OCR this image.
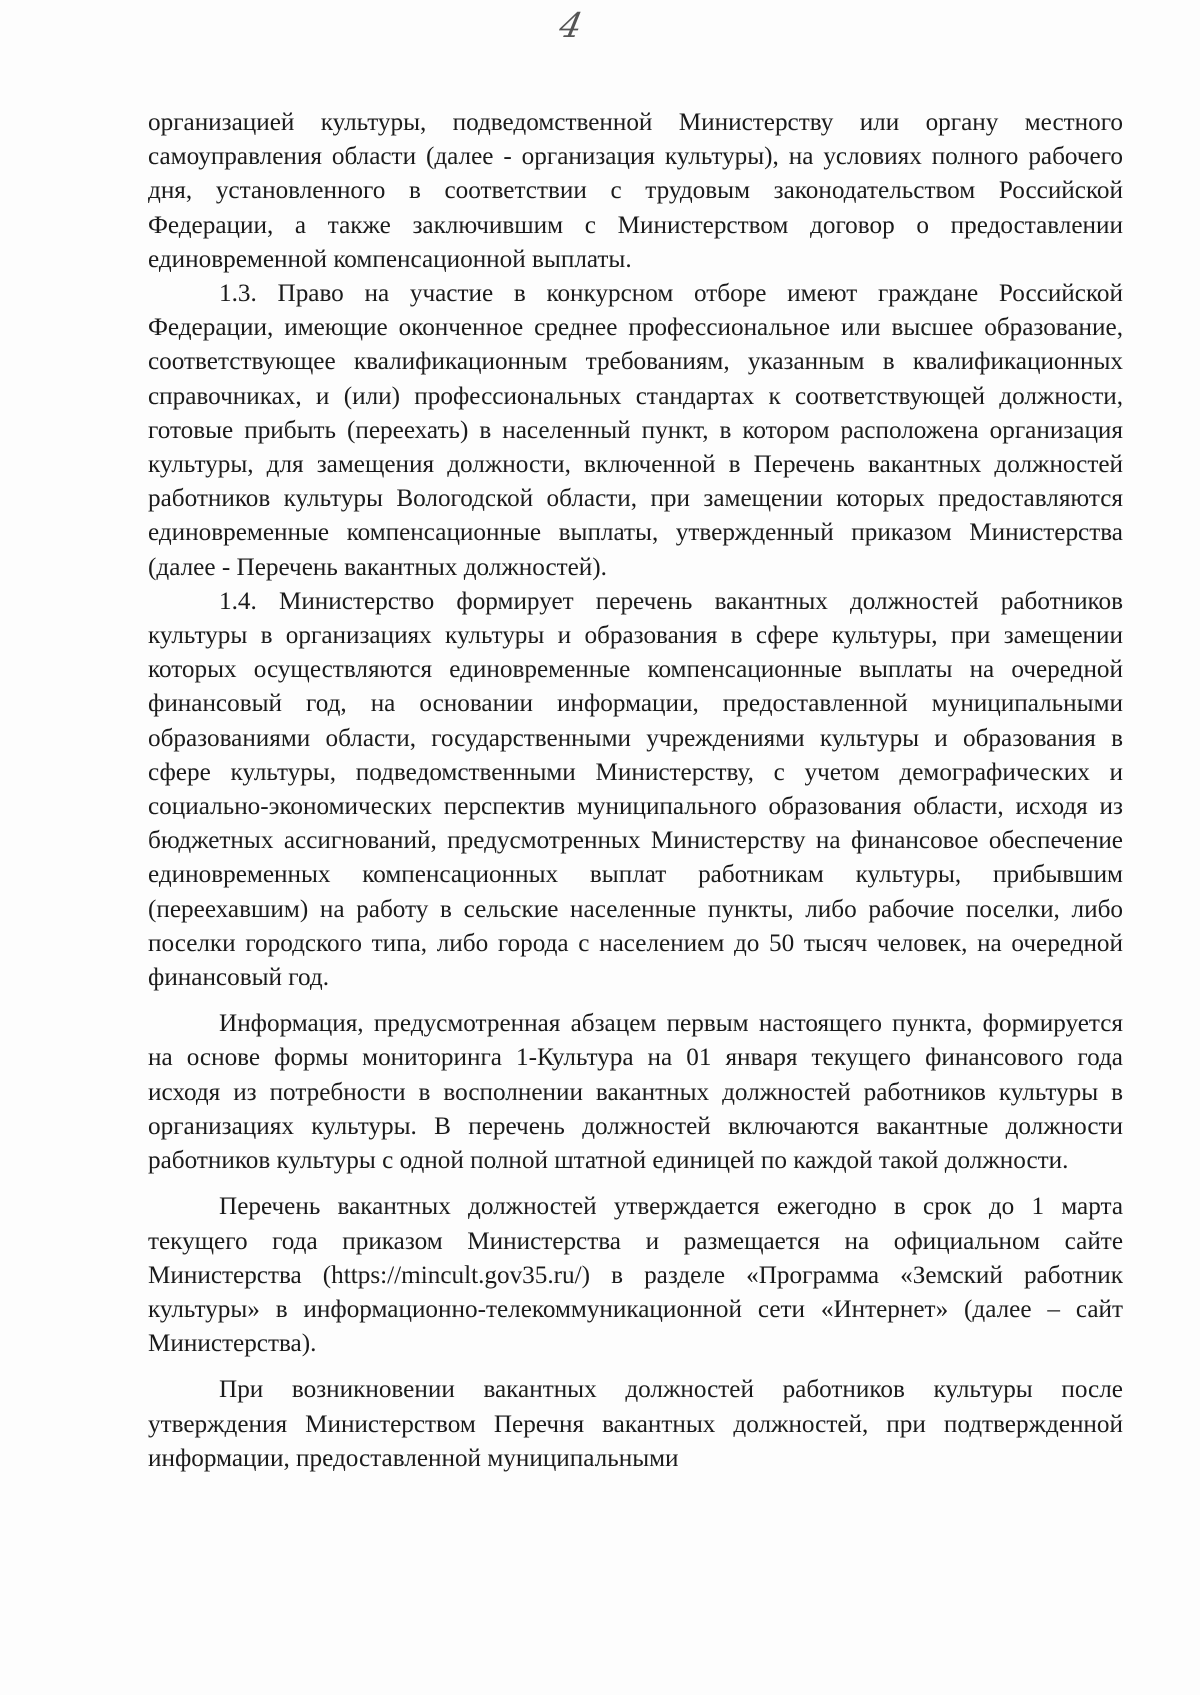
4

организацией культуры, подведомственной Министерству или органу местного самоуправления области (далее - организация культуры), на условиях полного рабочего дня, установленного в соответствии с трудовым законодательством Российской Федерации, а также заключившим с Министерством договор о предоставлении единовременной компенсационной выплаты.

1.3. Право на участие в конкурсном отборе имеют граждане Российской Федерации, имеющие оконченное среднее профессиональное или высшее образование, соответствующее квалификационным требованиям, указанным в квалификационных справочниках, и (или) профессиональных стандартах к соответствующей должности, готовые прибыть (переехать) в населенный пункт, в котором расположена организация культуры, для замещения должности, включенной в Перечень вакантных должностей работников культуры Вологодской области, при замещении которых предоставляются единовременные компенсационные выплаты, утвержденный приказом Министерства (далее - Перечень вакантных должностей).

1.4. Министерство формирует перечень вакантных должностей работников культуры в организациях культуры и образования в сфере культуры, при замещении которых осуществляются единовременные компенсационные выплаты на очередной финансовый год, на основании информации, предоставленной муниципальными образованиями области, государственными учреждениями культуры и образования в сфере культуры, подведомственными Министерству, с учетом демографических и социально-экономических перспектив муниципального образования области, исходя из бюджетных ассигнований, предусмотренных Министерству на финансовое обеспечение единовременных компенсационных выплат работникам культуры, прибывшим (переехавшим) на работу в сельские населенные пункты, либо рабочие поселки, либо поселки городского типа, либо города с населением до 50 тысяч человек, на очередной финансовый год.

Информация, предусмотренная абзацем первым настоящего пункта, формируется на основе формы мониторинга 1-Культура на 01 января текущего финансового года исходя из потребности в восполнении вакантных должностей работников культуры в организациях культуры. В перечень должностей включаются вакантные должности работников культуры с одной полной штатной единицей по каждой такой должности.

Перечень вакантных должностей утверждается ежегодно в срок до 1 марта текущего года приказом Министерства и размещается на официальном сайте Министерства (https://mincult.gov35.ru/) в разделе «Программа «Земский работник культуры» в информационно-телекоммуникационной сети «Интернет» (далее – сайт Министерства).

При возникновении вакантных должностей работников культуры после утверждения Министерством Перечня вакантных должностей, при подтвержденной информации, предоставленной муниципальными
